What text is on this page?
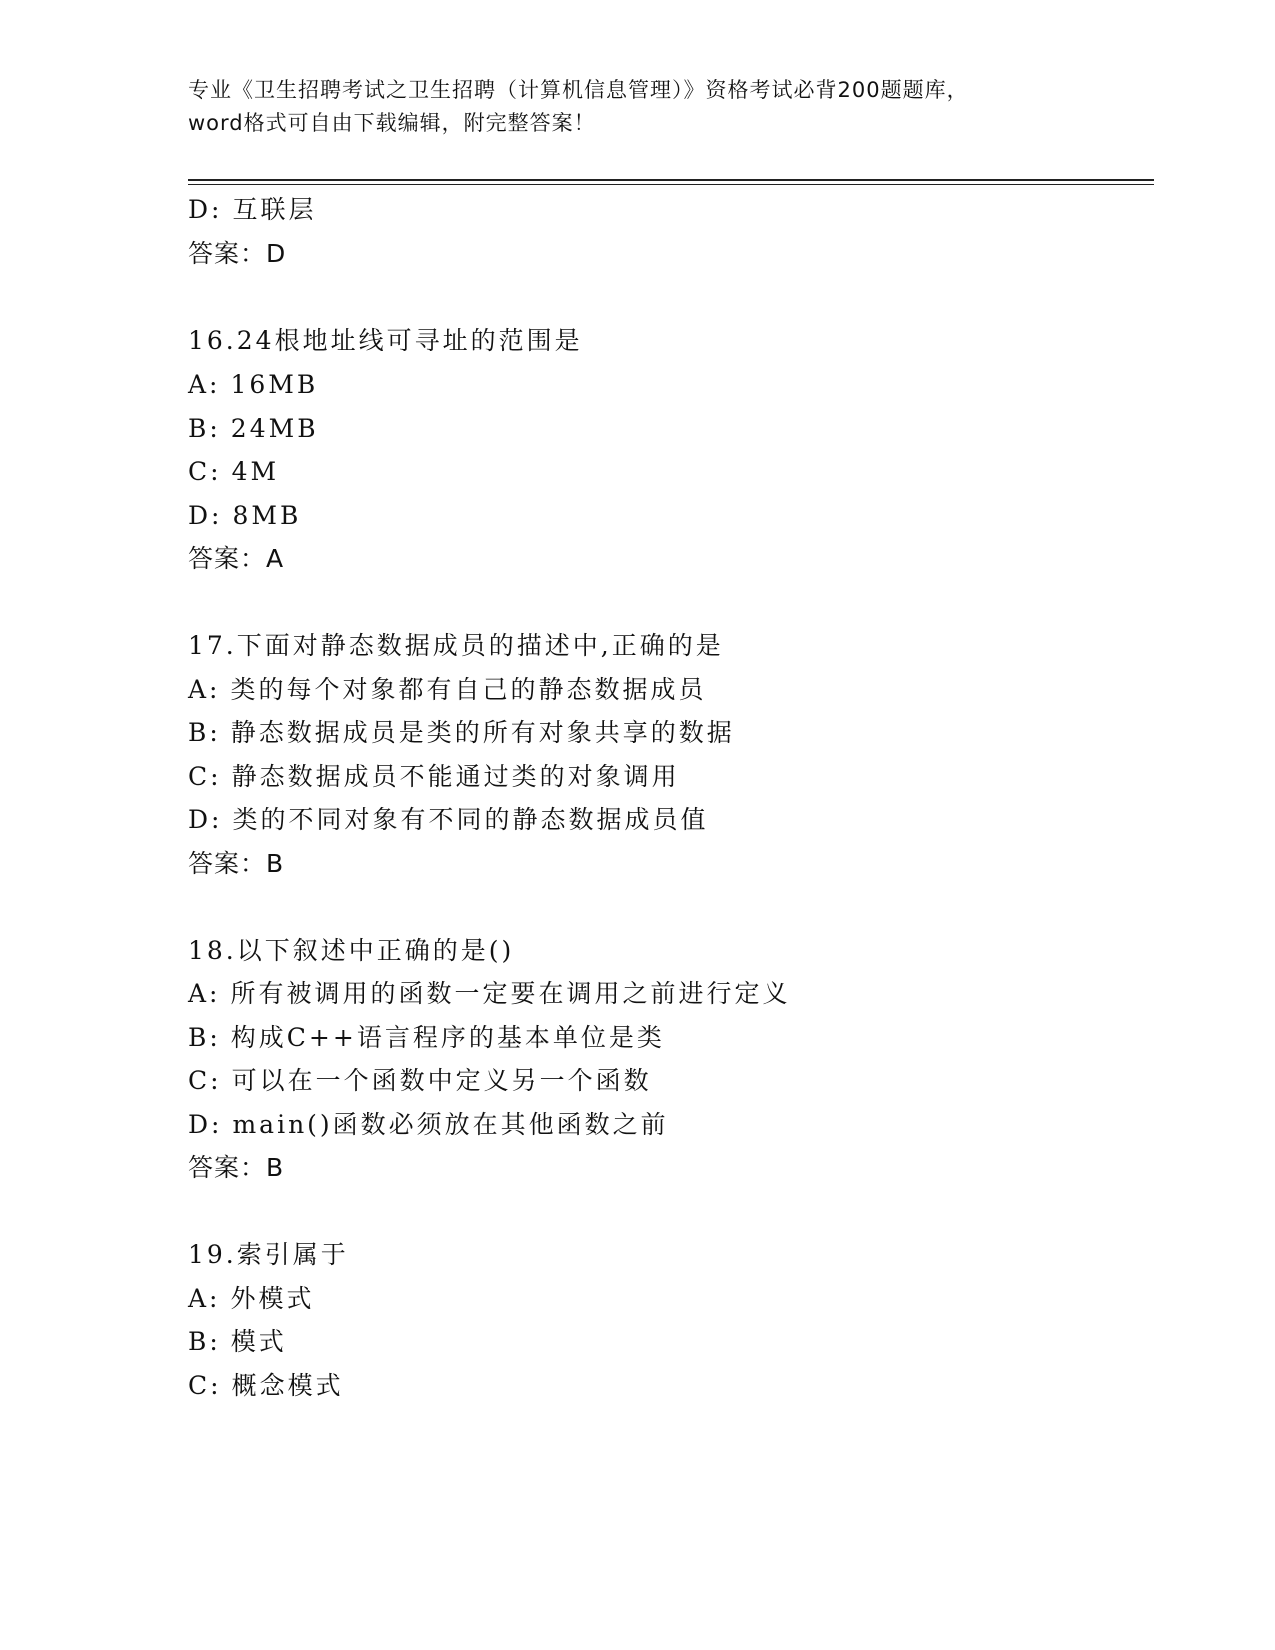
专业《卫生招聘考试之卫生招聘（计算机信息管理）》资格考试必背200题题库，
word格式可自由下载编辑，附完整答案！
D: 互联层
答案：D
16.24根地址线可寻址的范围是
A: 16MB
B: 24MB
C: 4M
D: 8MB
答案：A
17.下面对静态数据成员的描述中,正确的是
A: 类的每个对象都有自己的静态数据成员
B: 静态数据成员是类的所有对象共享的数据
C: 静态数据成员不能通过类的对象调用
D: 类的不同对象有不同的静态数据成员值
答案：B
18.以下叙述中正确的是()
A: 所有被调用的函数一定要在调用之前进行定义
B: 构成C++语言程序的基本单位是类
C: 可以在一个函数中定义另一个函数
D: main()函数必须放在其他函数之前
答案：B
19.索引属于
A: 外模式
B: 模式
C: 概念模式
